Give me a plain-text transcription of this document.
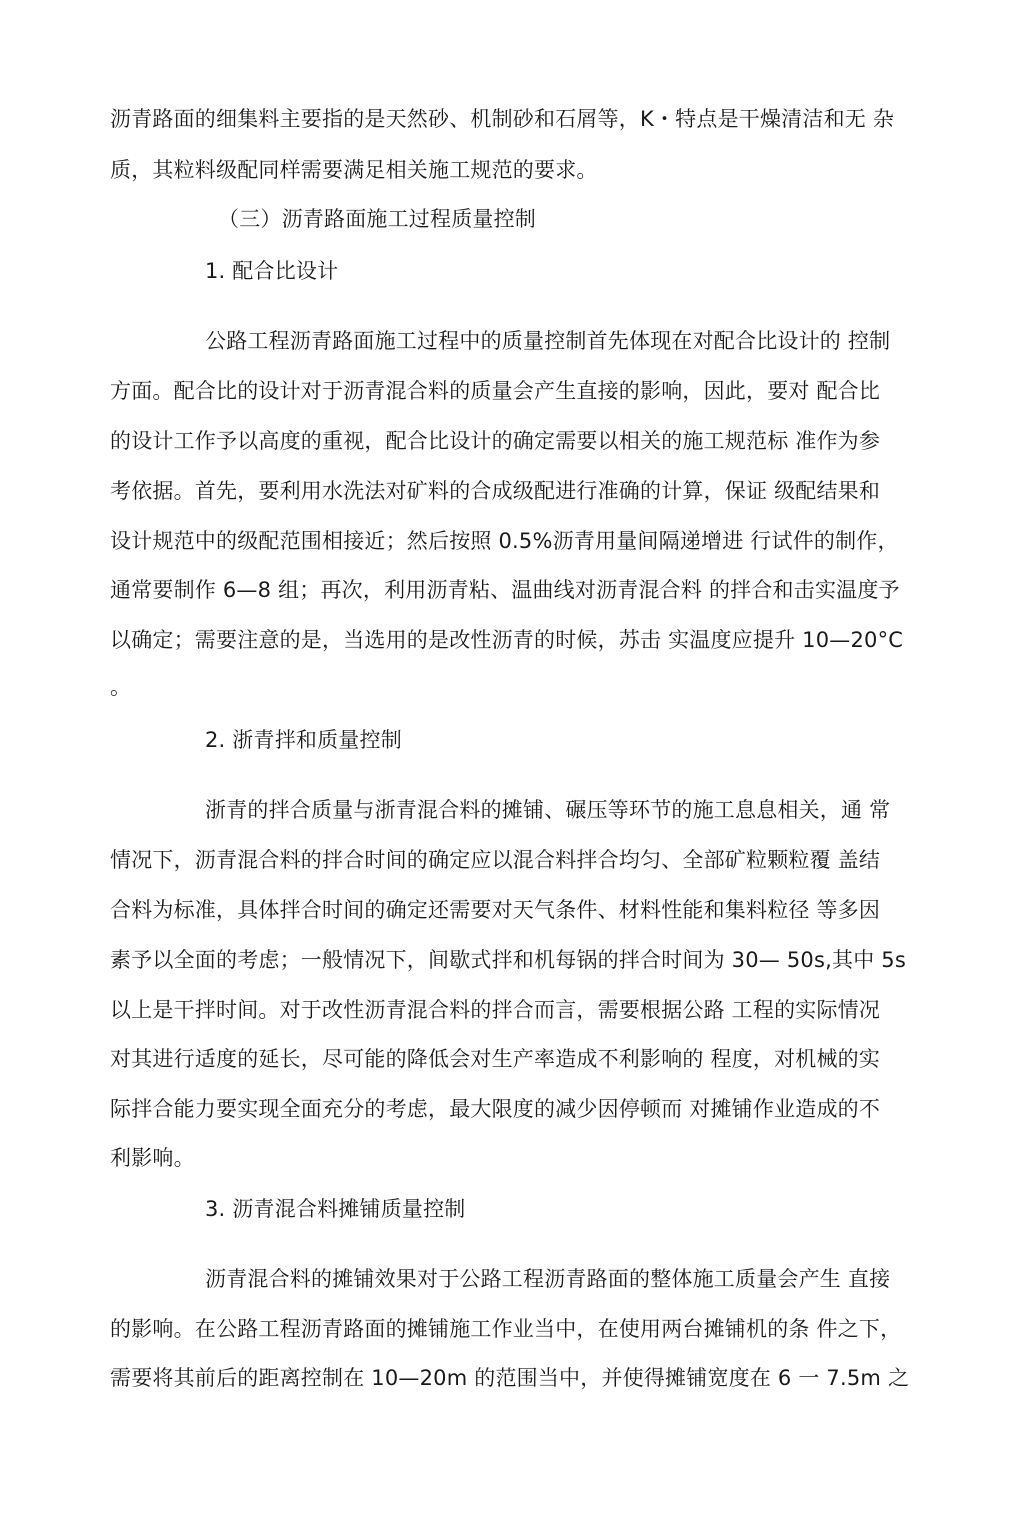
沥青路面的细集料主要指的是天然砂、机制砂和石屑等，K・特点是干燥清洁和无 杂
质，其粒料级配同样需要满足相关施工规范的要求。
（三）沥青路面施工过程质量控制
1. 配合比设计
公路工程沥青路面施工过程中的质量控制首先体现在对配合比设计的 控制
方面。配合比的设计对于沥青混合料的质量会产生直接的影响，因此，要对 配合比
的设计工作予以高度的重视，配合比设计的确定需要以相关的施工规范标 准作为参
考依据。首先，要利用水洗法对矿料的合成级配进行准确的计算，保证 级配结果和
设计规范中的级配范围相接近；然后按照 0.5%沥青用量间隔递增进 行试件的制作，
通常要制作 6—8 组；再次，利用沥青粘、温曲线对沥青混合料 的拌合和击实温度予
以确定；需要注意的是，当选用的是改性沥青的时候，苏击 实温度应提升 10—20°C
。
2. 浙青拌和质量控制
浙青的拌合质量与浙青混合料的摊铺、碾压等环节的施工息息相关，通 常
情况下，沥青混合料的拌合时间的确定应以混合料拌合均匀、全部矿粒颗粒覆 盖结
合料为标准，具体拌合时间的确定还需要对天气条件、材料性能和集料粒径 等多因
素予以全面的考虑；一般情况下，间歇式拌和机每锅的拌合时间为 30— 50s,其中 5s
以上是干拌时间。对于改性沥青混合料的拌合而言，需要根据公路 工程的实际情况
对其进行适度的延长，尽可能的降低会对生产率造成不利影响的 程度，对机械的实
际拌合能力要实现全面充分的考虑，最大限度的减少因停顿而 对摊铺作业造成的不
利影响。
3. 沥青混合料摊铺质量控制
沥青混合料的摊铺效果对于公路工程沥青路面的整体施工质量会产生 直接
的影响。在公路工程沥青路面的摊铺施工作业当中，在使用两台摊铺机的条 件之下，
需要将其前后的距离控制在 10—20m 的范围当中，并使得摊铺宽度在 6 一 7.5m 之
